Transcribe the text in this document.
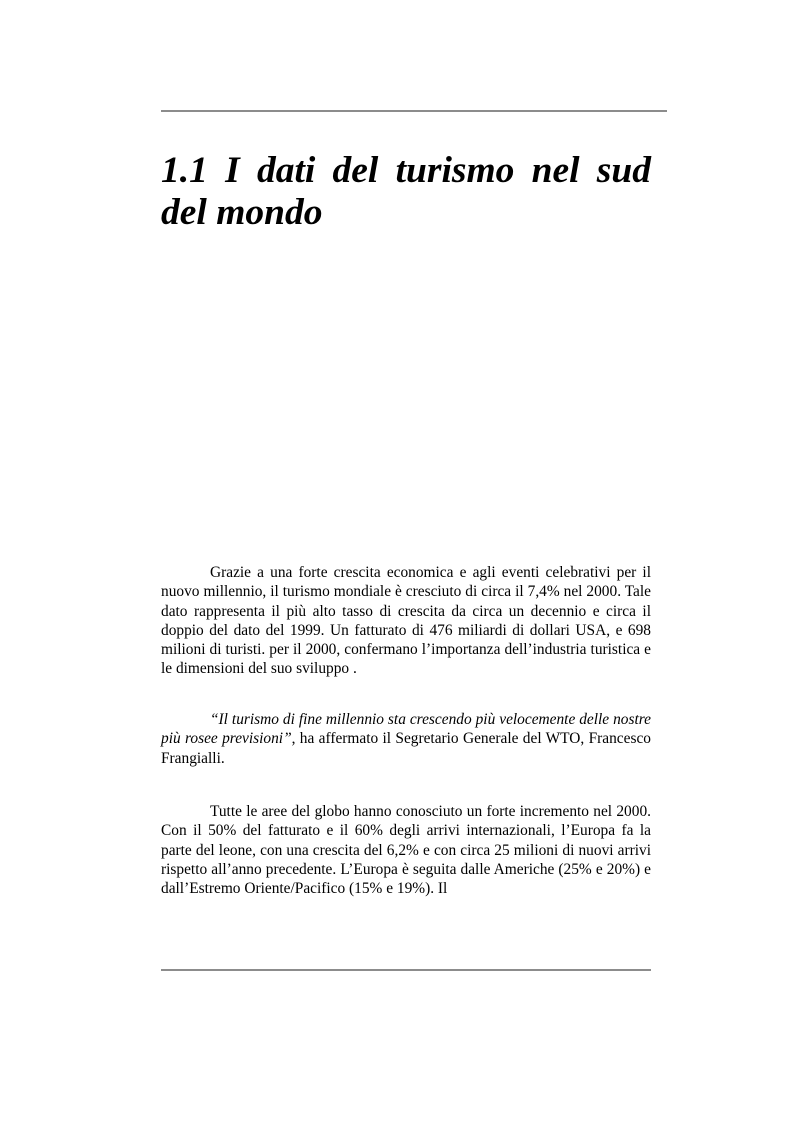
1.1 I dati del turismo nel sud del mondo

Grazie a una forte crescita economica e agli eventi celebrativi per il nuovo millennio, il turismo mondiale è cresciuto di circa il 7,4% nel 2000. Tale dato rappresenta il più alto tasso di crescita da circa un decennio e circa il doppio del dato del 1999. Un fatturato di 476 miliardi di dollari USA, e 698 milioni di turisti. per il 2000, confermano l’importanza dell’industria turistica e le dimensioni del suo sviluppo .

“Il turismo di fine millennio sta crescendo più velocemente delle nostre più rosee previsioni”, ha affermato il Segretario Generale del WTO, Francesco Frangialli.

Tutte le aree del globo hanno conosciuto un forte incremento nel 2000. Con il 50% del fatturato e il 60% degli arrivi internazionali, l’Europa fa la parte del leone, con una crescita del 6,2% e con circa 25 milioni di nuovi arrivi rispetto all’anno precedente. L’Europa è seguita dalle Americhe (25% e 20%) e dall’Estremo Oriente/Pacifico (15% e 19%). Il
